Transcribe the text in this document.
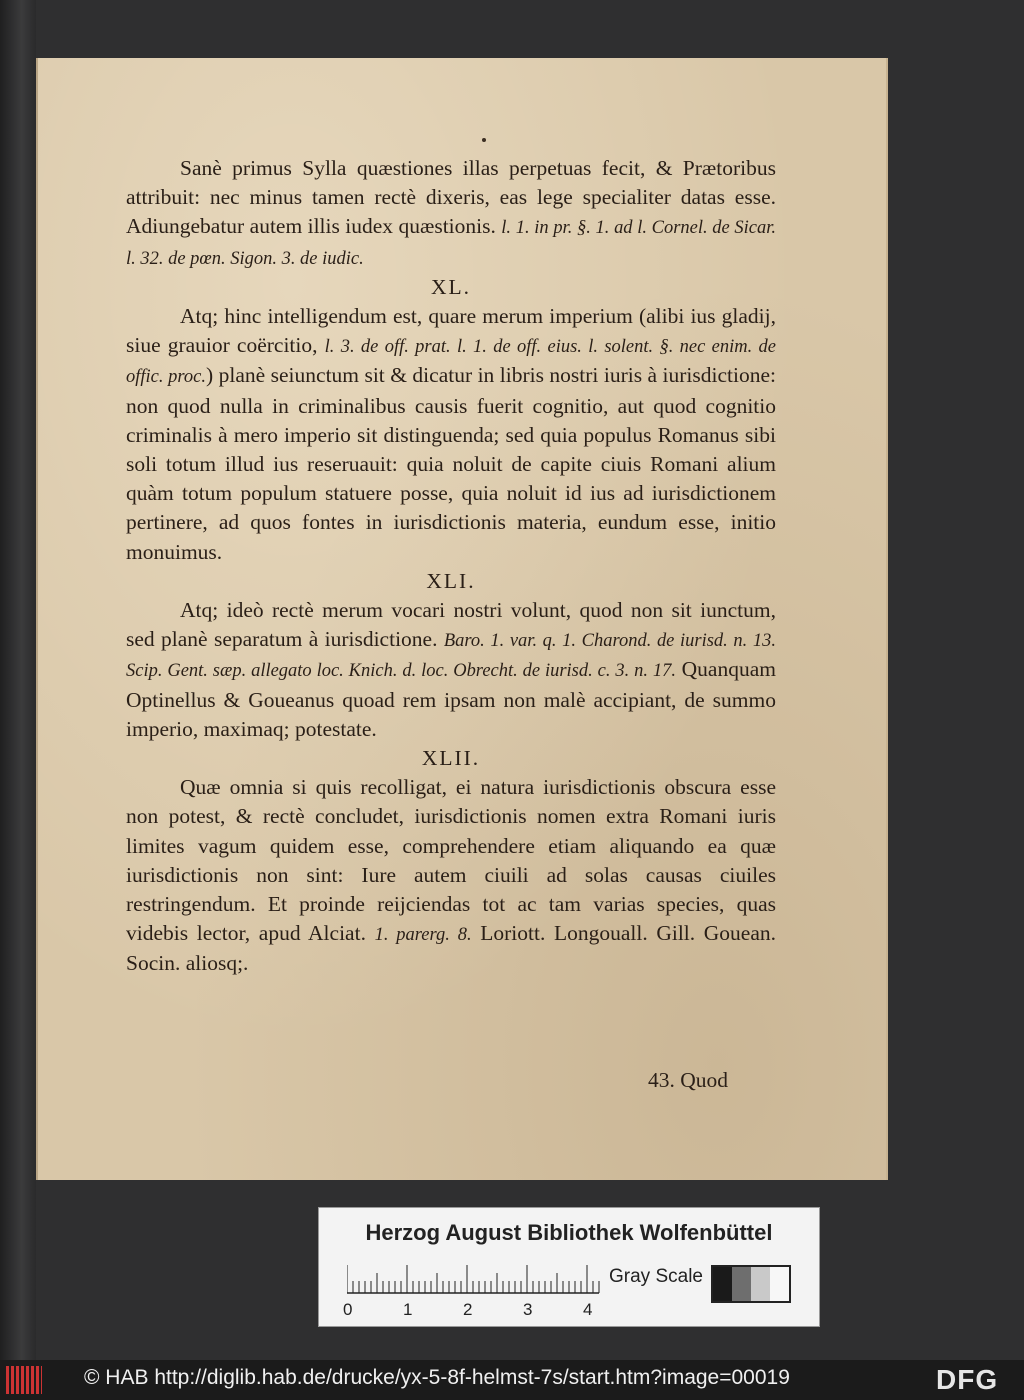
Sanè primus Sylla quæstiones illas perpetuas fecit, & Prætoribus attribuit: nec minus tamen rectè dixeris, eas lege specialiter datas esse. Adiungebatur autem illis iudex quæstionis. l. 1. in pr. §. 1. ad l. Cornel. de Sicar. l. 32. de pœn. Sigon. 3. de iudic.

XL.

Atq; hinc intelligendum est, quare merum imperium (alibi ius gladij, siue grauior coërcitio, l. 3. de off. prat. l. 1. de off. eius. l. solent. §. nec enim. de offic. proc.) planè seiunctum sit & dicatur in libris nostri iuris à iurisdictione: non quod nulla in criminalibus causis fuerit cognitio, aut quod cognitio criminalis à mero imperio sit distinguenda; sed quia populus Romanus sibi soli totum illud ius reseruauit: quia noluit de capite ciuis Romani alium quàm totum populum statuere posse, quia noluit id ius ad iurisdictionem pertinere, ad quos fontes in iurisdictionis materia, eundum esse, initio monuimus.

XLI.

Atq; ideò rectè merum vocari nostri volunt, quod non sit iunctum, sed planè separatum à iurisdictione. Baro. 1. var. q. 1. Charond. de iurisd. n. 13. Scip. Gent. sæp. allegato loc. Knich. d. loc. Obrecht. de iurisd. c. 3. n. 17. Quanquam Optinellus & Goueanus quoad rem ipsam non malè accipiant, de summo imperio, maximaq; potestate.

XLII.

Quæ omnia si quis recolligat, ei natura iurisdictionis obscura esse non potest, & rectè concludet, iurisdictionis nomen extra Romani iuris limites vagum quidem esse, comprehendere etiam aliquando ea quæ iurisdictionis non sint: Iure autem ciuili ad solas causas ciuiles restringendum. Et proinde reijciendas tot ac tam varias species, quas videbis lector, apud Alciat. 1. parerg. 8. Loriott. Longouall. Gill. Gouean. Socin. aliosq;.

43. Quod
Herzog August Bibliothek Wolfenbüttel
0	1	2	3	4
Gray Scale
© HAB http://diglib.hab.de/drucke/yx-5-8f-helmst-7s/start.htm?image=00019	DFG
